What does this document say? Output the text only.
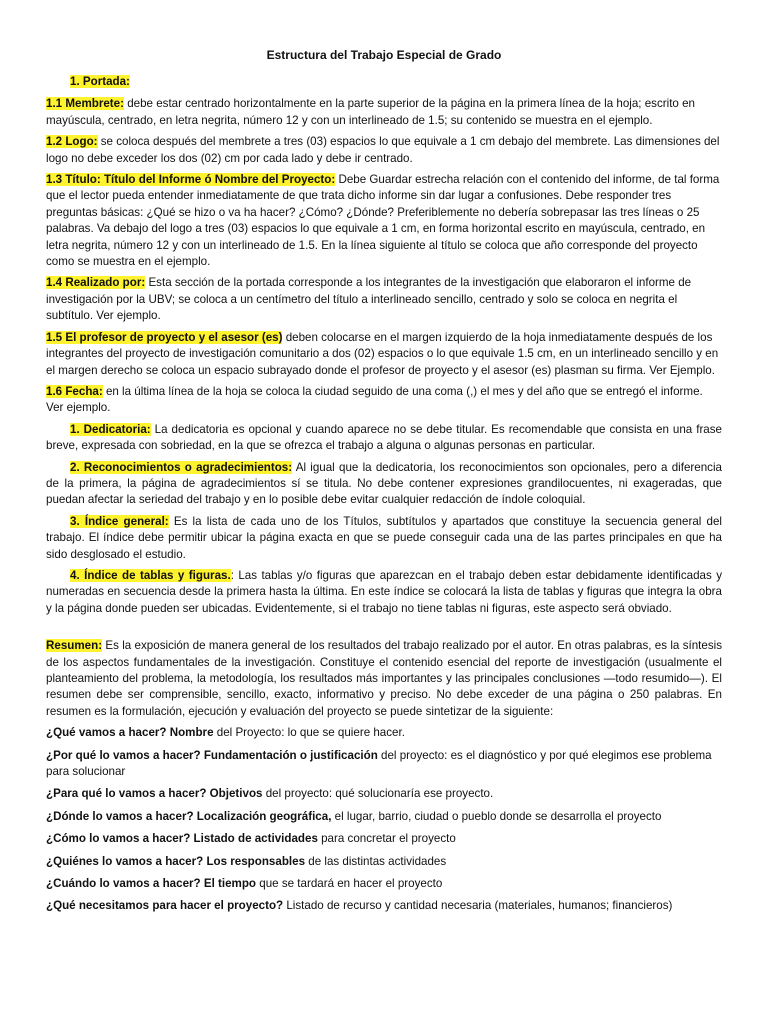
Estructura del Trabajo Especial de Grado

1. Portada:

1.1 Membrete: debe estar centrado horizontalmente en la parte superior de la página en la primera línea de la hoja; escrito en mayúscula, centrado, en letra negrita, número 12 y con un interlineado de 1.5; su contenido se muestra en el ejemplo.

1.2 Logo: se coloca después del membrete a tres (03) espacios lo que equivale a 1 cm debajo del membrete. Las dimensiones del logo no debe exceder los dos (02) cm por cada lado y debe ir centrado.

1.3 Título: Título del Informe ó Nombre del Proyecto: Debe Guardar estrecha relación con el contenido del informe, de tal forma que el lector pueda entender inmediatamente de que trata dicho informe sin dar lugar a confusiones. Debe responder tres preguntas básicas: ¿Qué se hizo o va ha hacer? ¿Cómo? ¿Dónde? Preferiblemente no debería sobrepasar las tres líneas o 25 palabras. Va debajo del logo a tres (03) espacios lo que equivale a 1 cm, en forma horizontal escrito en mayúscula, centrado, en letra negrita, número 12 y con un interlineado de 1.5. En la línea siguiente al título se coloca que año corresponde del proyecto como se muestra en el ejemplo.

1.4 Realizado por: Esta sección de la portada corresponde a los integrantes de la investigación que elaboraron el informe de investigación por la UBV; se coloca a un centímetro del título a interlineado sencillo, centrado y solo se coloca en negrita el subtítulo. Ver ejemplo.

1.5 El profesor de proyecto y el asesor (es) deben colocarse en el margen izquierdo de la hoja inmediatamente después de los integrantes del proyecto de investigación comunitario a dos (02) espacios o lo que equivale 1.5 cm, en un interlineado sencillo y en el margen derecho se coloca un espacio subrayado donde el profesor de proyecto y el asesor (es) plasman su firma. Ver Ejemplo.

1.6 Fecha: en la última línea de la hoja se coloca la ciudad seguido de una coma (,) el mes y del año que se entregó el informe. Ver ejemplo.

1. Dedicatoria: La dedicatoria es opcional y cuando aparece no se debe titular. Es recomendable que consista en una frase breve, expresada con sobriedad, en la que se ofrezca el trabajo a alguna o algunas personas en particular.

2. Reconocimientos o agradecimientos: Al igual que la dedicatoria, los reconocimientos son opcionales, pero a diferencia de la primera, la página de agradecimientos sí se titula. No debe contener expresiones grandilocuentes, ni exageradas, que puedan afectar la seriedad del trabajo y en lo posible debe evitar cualquier redacción de índole coloquial.

3. Índice general: Es la lista de cada uno de los Títulos, subtítulos y apartados que constituye la secuencia general del trabajo. El índice debe permitir ubicar la página exacta en que se puede conseguir cada una de las partes principales en que ha sido desglosado el estudio.

4. Índice de tablas y figuras.: Las tablas y/o figuras que aparezcan en el trabajo deben estar debidamente identificadas y numeradas en secuencia desde la primera hasta la última. En este índice se colocará la lista de tablas y figuras que integra la obra y la página donde pueden ser ubicadas. Evidentemente, si el trabajo no tiene tablas ni figuras, este aspecto será obviado.

Resumen: Es la exposición de manera general de los resultados del trabajo realizado por el autor. En otras palabras, es la síntesis de los aspectos fundamentales de la investigación. Constituye el contenido esencial del reporte de investigación (usualmente el planteamiento del problema, la metodología, los resultados más importantes y las principales conclusiones —todo resumido—). El resumen debe ser comprensible, sencillo, exacto, informativo y preciso. No debe exceder de una página o 250 palabras. En resumen es la formulación, ejecución y evaluación del proyecto se puede sintetizar de la siguiente:

¿Qué vamos a hacer? Nombre del Proyecto: lo que se quiere hacer.

¿Por qué lo vamos a hacer? Fundamentación o justificación del proyecto: es el diagnóstico y por qué elegimos ese problema para solucionar

¿Para qué lo vamos a hacer? Objetivos del proyecto: qué solucionaría ese proyecto.

¿Dónde lo vamos a hacer? Localización geográfica, el lugar, barrio, ciudad o pueblo donde se desarrolla el proyecto

¿Cómo lo vamos a hacer? Listado de actividades para concretar el proyecto

¿Quiénes lo vamos a hacer? Los responsables de las distintas actividades

¿Cuándo lo vamos a hacer? El tiempo que se tardará en hacer el proyecto

¿Qué necesitamos para hacer el proyecto? Listado de recurso y cantidad necesaria (materiales, humanos; financieros)
